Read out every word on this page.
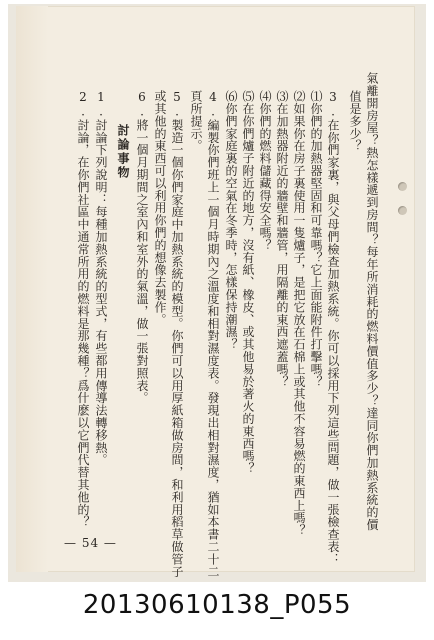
氣離開房屋？熱怎樣遞到房間？每年所消耗的燃料價值多少？達同你們加熱系統的價
值是多少？
3.在你們家裏，與父母們檢查加熱系統。你可以採用下列這些問題，做一張檢查表：
⑴你們的加熱器堅固和可靠嗎？它上面能附件打擊嗎？
⑵如果你在房子裏使用一隻爐子，是把它放在石棉上或其他不容易燃的東西上嗎？
⑶在加熱器附近的牆壁和牆管，用隔離的東西遮蓋嗎？
⑷你們的燃料儲藏得安全嗎？
⑸在你們爐子附近的地方，沒有紙、橡皮、或其他易於著火的東西嗎？
⑹你們家庭裏的空氣在冬季時，怎樣保持潮濕？
4.編製你們班上一個月時期內之溫度和相對濕度表。發現出相對濕度，猶如本書二十二
頁所提示。
5.製造一個你們家庭中加熱系統的模型。你們可以用厚紙箱做房間，和利用稻草做管子
或其他的東西可以利用你們的想像去製作。
6.將一個月期間之室內和室外的氣溫，做一張對照表。
討論事物
1.討論下列說明：每種加熱系統的型式，有些都用傳導法轉移熱。
2.討論，在你們社區中通常所用的燃料是那幾種？爲什麽以它們代替其他的？
— 54 —
20130610138_P055
